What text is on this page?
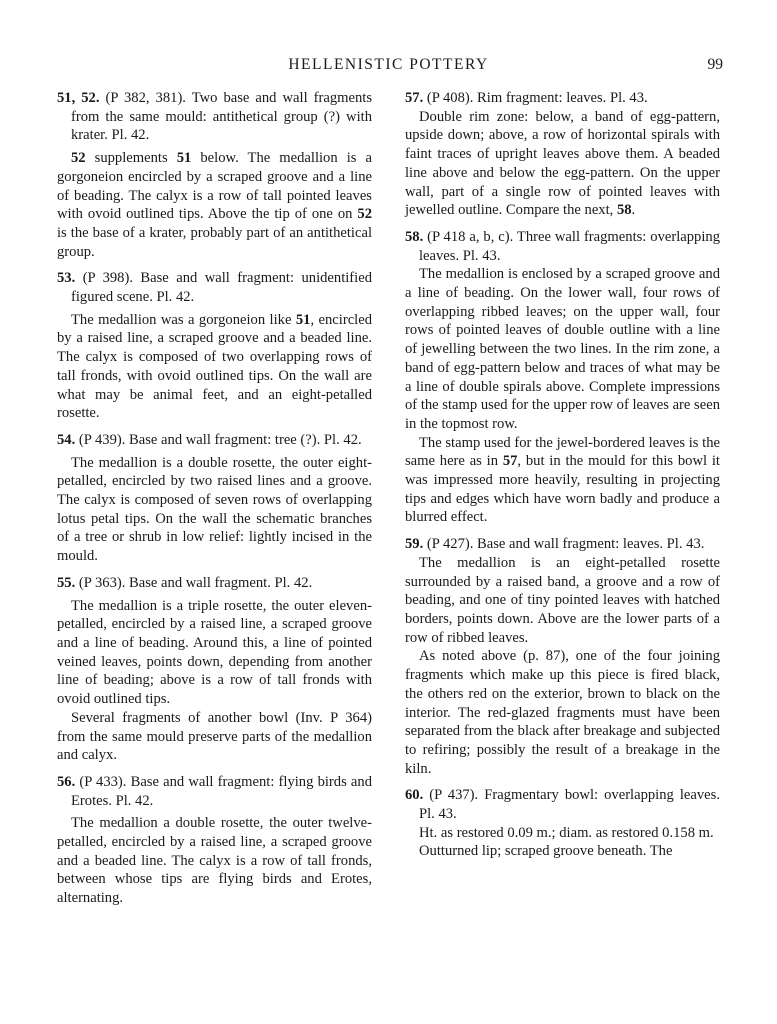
HELLENISTIC POTTERY	99

51, 52. (P 382, 381). Two base and wall fragments from the same mould: antithetical group (?) with krater. Pl. 42.

52 supplements 51 below. The medallion is a gorgoneion encircled by a scraped groove and a line of beading. The calyx is a row of tall pointed leaves with ovoid outlined tips. Above the tip of one on 52 is the base of a krater, probably part of an antithetical group.

53. (P 398). Base and wall fragment: unidentified figured scene. Pl. 42.

The medallion was a gorgoneion like 51, encircled by a raised line, a scraped groove and a beaded line. The calyx is composed of two overlapping rows of tall fronds, with ovoid outlined tips. On the wall are what may be animal feet, and an eight-petalled rosette.

54. (P 439). Base and wall fragment: tree (?). Pl. 42.

The medallion is a double rosette, the outer eight-petalled, encircled by two raised lines and a groove. The calyx is composed of seven rows of overlapping lotus petal tips. On the wall the schematic branches of a tree or shrub in low relief: lightly incised in the mould.

55. (P 363). Base and wall fragment. Pl. 42.

The medallion is a triple rosette, the outer eleven-petalled, encircled by a raised line, a scraped groove and a line of beading. Around this, a line of pointed veined leaves, points down, depending from another line of beading; above is a row of tall fronds with ovoid outlined tips.

Several fragments of another bowl (Inv. P 364) from the same mould preserve parts of the medallion and calyx.

56. (P 433). Base and wall fragment: flying birds and Erotes. Pl. 42.

The medallion a double rosette, the outer twelve-petalled, encircled by a raised line, a scraped groove and a beaded line. The calyx is a row of tall fronds, between whose tips are flying birds and Erotes, alternating.

57. (P 408). Rim fragment: leaves. Pl. 43.

Double rim zone: below, a band of egg-pattern, upside down; above, a row of horizontal spirals with faint traces of upright leaves above them. A beaded line above and below the egg-pattern. On the upper wall, part of a single row of pointed leaves with jewelled outline. Compare the next, 58.

58. (P 418 a, b, c). Three wall fragments: overlapping leaves. Pl. 43.

The medallion is enclosed by a scraped groove and a line of beading. On the lower wall, four rows of overlapping ribbed leaves; on the upper wall, four rows of pointed leaves of double outline with a line of jewelling between the two lines. In the rim zone, a band of egg-pattern below and traces of what may be a line of double spirals above. Complete impressions of the stamp used for the upper row of leaves are seen in the topmost row.

The stamp used for the jewel-bordered leaves is the same here as in 57, but in the mould for this bowl it was impressed more heavily, resulting in projecting tips and edges which have worn badly and produce a blurred effect.

59. (P 427). Base and wall fragment: leaves. Pl. 43.

The medallion is an eight-petalled rosette surrounded by a raised band, a groove and a row of beading, and one of tiny pointed leaves with hatched borders, points down. Above are the lower parts of a row of ribbed leaves.

As noted above (p. 87), one of the four joining fragments which make up this piece is fired black, the others red on the exterior, brown to black on the interior. The red-glazed fragments must have been separated from the black after breakage and subjected to refiring; possibly the result of a breakage in the kiln.

60. (P 437). Fragmentary bowl: overlapping leaves. Pl. 43.

Ht. as restored 0.09 m.; diam. as restored 0.158 m.

Outturned lip; scraped groove beneath. The
